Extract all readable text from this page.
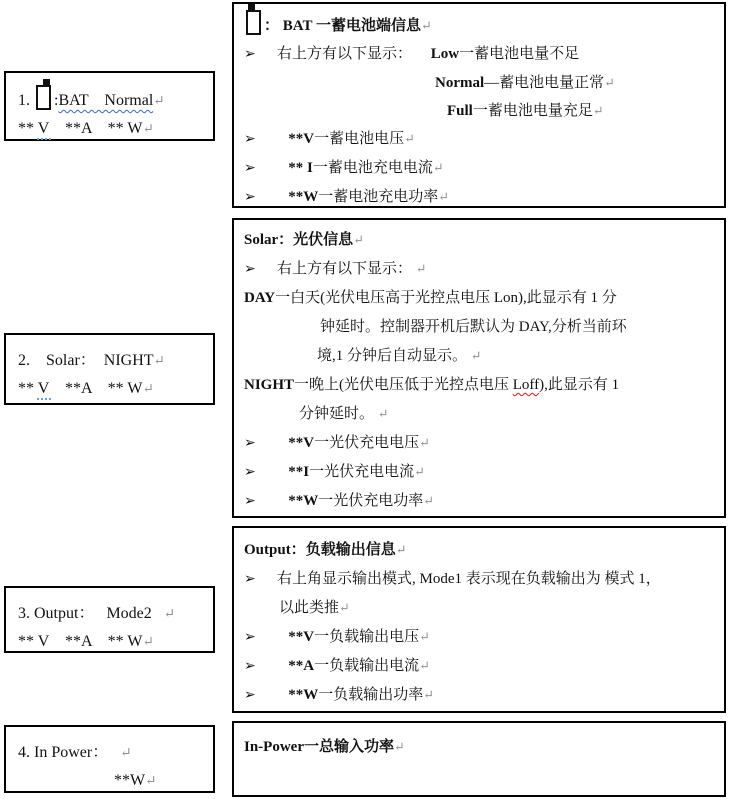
1. :BAT    Normal↵
** V    **A    ** W↵
2.    Solar：  NIGHT↵
** V    **A    ** W↵
3. Output：   Mode2   ↵
** V    **A    ** W↵
4. In Power：   ↵
**W↵
： BAT 一蓄电池端信息↵
➢ 右上方有以下显示：     Low一蓄电池电量不足
Normal—蓄电池电量正常↵
Full一蓄电池电量充足↵
➢ **V一蓄电池电压↵
➢ ** I一蓄电池充电电流↵
➢ **W一蓄电池充电功率↵
Solar：光伏信息↵
➢ 右上方有以下显示： ↵
DAY一白天(光伏电压高于光控点电压 Lon),此显示有 1 分
钟延时。控制器开机后默认为 DAY,分析当前环
境,1 分钟后自动显示。 ↵
NIGHT一晚上(光伏电压低于光控点电压 Loff),此显示有 1
分钟延时。 ↵
➢ **V一光伏充电电压↵
➢ **I一光伏充电电流↵
➢ **W一光伏充电功率↵
Output：负载输出信息↵
➢ 右上角显示输出模式, Mode1 表示现在负载输出为 模式 1，
以此类推↵
➢ **V一负载输出电压↵
➢ **A一负载输出电流↵
➢ **W一负载输出功率↵
In-Power一总输入功率↵
